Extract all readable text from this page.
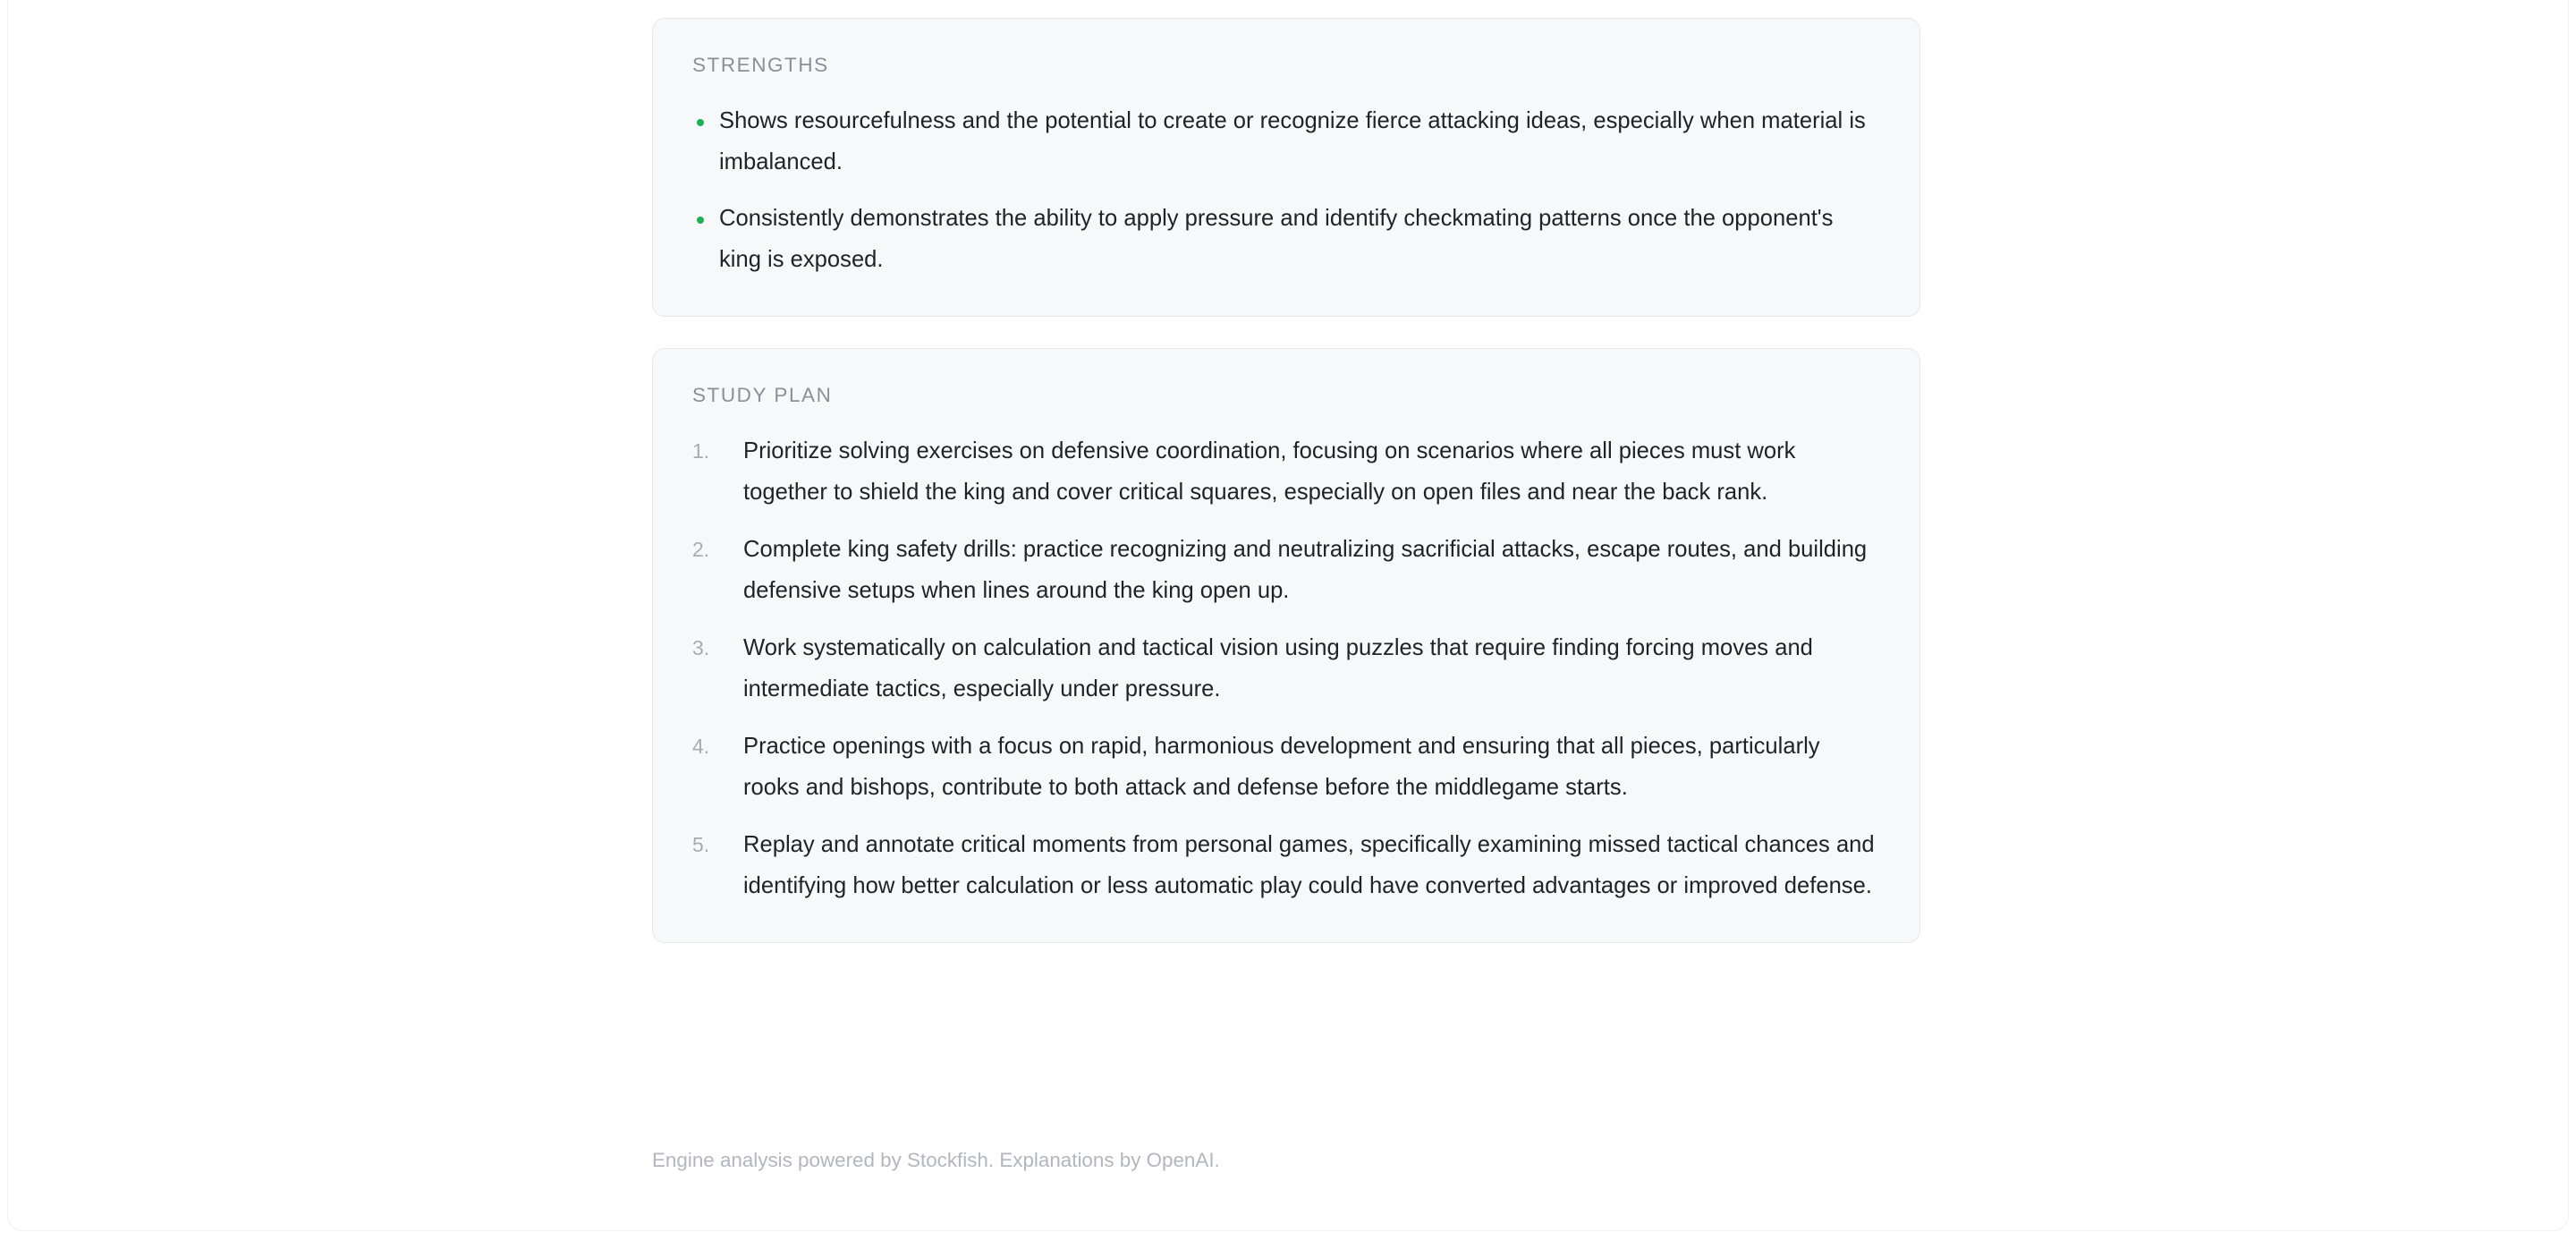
STRENGTHS
Shows resourcefulness and the potential to create or recognize fierce attacking ideas, especially when material is imbalanced.
Consistently demonstrates the ability to apply pressure and identify checkmating patterns once the opponent's king is exposed.
STUDY PLAN
1.	Prioritize solving exercises on defensive coordination, focusing on scenarios where all pieces must work together to shield the king and cover critical squares, especially on open files and near the back rank.
2.	Complete king safety drills: practice recognizing and neutralizing sacrificial attacks, escape routes, and building defensive setups when lines around the king open up.
3.	Work systematically on calculation and tactical vision using puzzles that require finding forcing moves and intermediate tactics, especially under pressure.
4.	Practice openings with a focus on rapid, harmonious development and ensuring that all pieces, particularly rooks and bishops, contribute to both attack and defense before the middlegame starts.
5.	Replay and annotate critical moments from personal games, specifically examining missed tactical chances and identifying how better calculation or less automatic play could have converted advantages or improved defense.
Engine analysis powered by Stockfish. Explanations by OpenAI.
